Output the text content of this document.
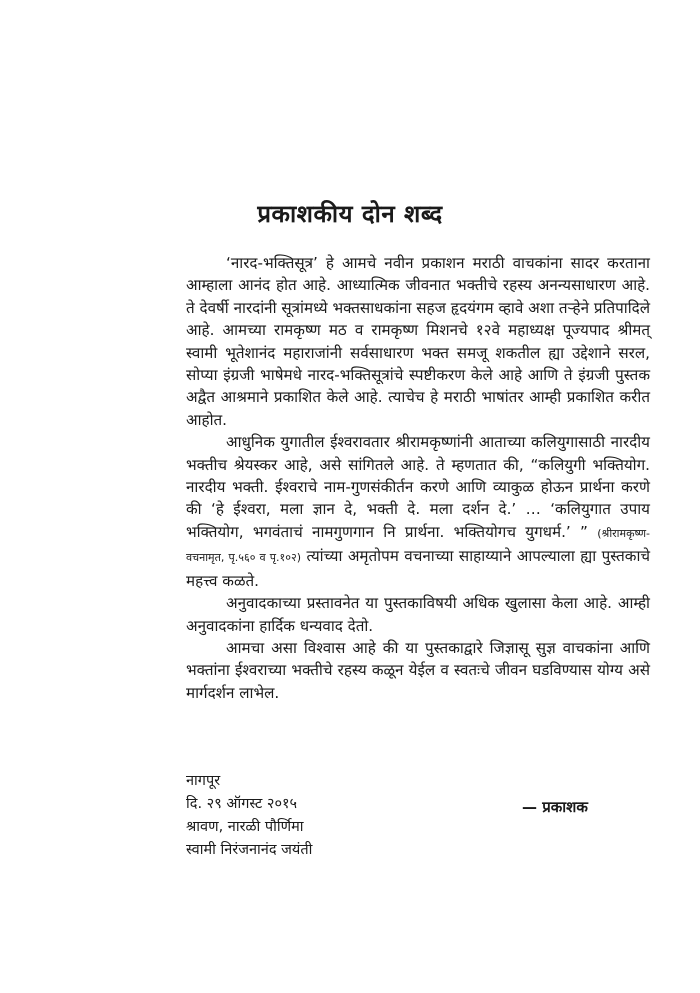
प्रकाशकीय दोन शब्द

‘नारद-भक्तिसूत्र’ हे आमचे नवीन प्रकाशन मराठी वाचकांना सादर करताना आम्हाला आनंद होत आहे. आध्यात्मिक जीवनात भक्तीचे रहस्य अनन्यसाधारण आहे. ते देवर्षी नारदांनी सूत्रांमध्ये भक्तसाधकांना सहज हृदयंगम व्हावे अशा तऱ्हेने प्रतिपादिले आहे. आमच्या रामकृष्ण मठ व रामकृष्ण मिशनचे १२वे महाध्यक्ष पूज्यपाद श्रीमत् स्वामी भूतेशानंद महाराजांनी सर्वसाधारण भक्त समजू शकतील ह्या उद्देशाने सरल, सोप्या इंग्रजी भाषेमधे नारद-भक्तिसूत्रांचे स्पष्टीकरण केले आहे आणि ते इंग्रजी पुस्तक अद्वैत आश्रमाने प्रकाशित केले आहे. त्याचेच हे मराठी भाषांतर आम्ही प्रकाशित करीत आहोत.

आधुनिक युगातील ईश्वरावतार श्रीरामकृष्णांनी आताच्या कलियुगासाठी नारदीय भक्तीच श्रेयस्कर आहे, असे सांगितले आहे. ते म्हणतात की, “कलियुगी भक्तियोग. नारदीय भक्ती. ईश्वराचे नाम-गुणसंकीर्तन करणे आणि व्याकुळ होऊन प्रार्थना करणे की ‘हे ईश्वरा, मला ज्ञान दे, भक्ती दे. मला दर्शन दे.’ … ‘कलियुगात उपाय भक्तियोग, भगवंताचं नामगुणगान नि प्रार्थना. भक्तियोगच युगधर्म.’ ” (श्रीरामकृष्ण-वचनामृत, पृ.५६० व पृ.१०२) त्यांच्या अमृतोपम वचनाच्या साहाय्याने आपल्याला ह्या पुस्तकाचे महत्त्व कळते.

अनुवादकाच्या प्रस्तावनेत या पुस्तकाविषयी अधिक खुलासा केला आहे. आम्ही अनुवादकांना हार्दिक धन्यवाद देतो.

आमचा असा विश्वास आहे की या पुस्तकाद्वारे जिज्ञासू सुज्ञ वाचकांना आणि भक्तांना ईश्वराच्या भक्तीचे रहस्य कळून येईल व स्वतःचे जीवन घडविण्यास योग्य असे मार्गदर्शन लाभेल.

नागपूर
दि. २९ ऑगस्ट २०१५
श्रावण, नारळी पौर्णिमा
स्वामी निरंजनानंद जयंती
— प्रकाशक
